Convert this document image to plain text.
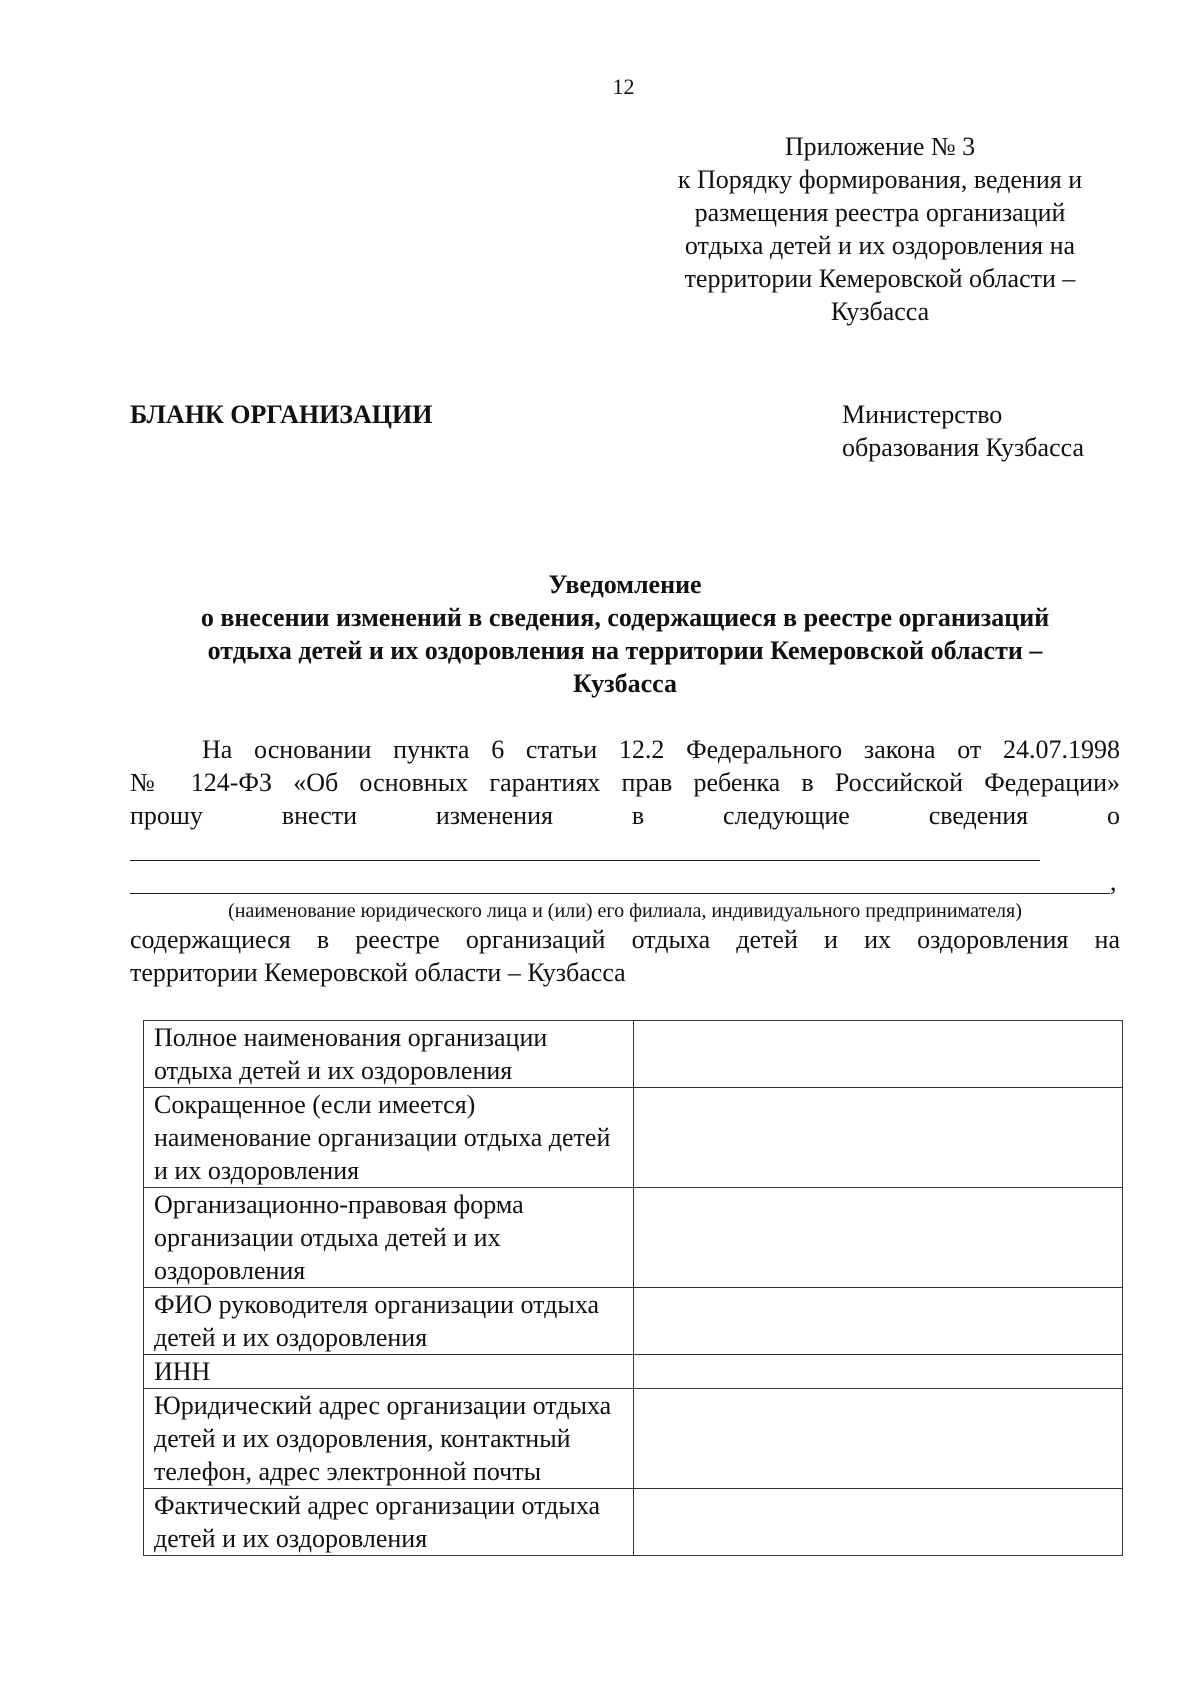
12
Приложение № 3
к Порядку формирования, ведения и
размещения реестра организаций
отдыха детей и их оздоровления на
территории Кемеровской области –
Кузбасса
БЛАНК ОРГАНИЗАЦИИ	Министерство
образования Кузбасса
Уведомление
о внесении изменений в сведения, содержащиеся в реестре организаций
отдыха детей и их оздоровления на территории Кемеровской области –
Кузбасса
На основании пункта 6 статьи 12.2 Федерального закона от 24.07.1998
№ 124-ФЗ «Об основных гарантиях прав ребенка в Российской Федерации»
прошу внести изменения в следующие сведения о
,
(наименование юридического лица и (или) его филиала, индивидуального предпринимателя)
содержащиеся в реестре организаций отдыха детей и их оздоровления на
территории Кемеровской области – Кузбасса
Полное наименования организации отдыха детей и их оздоровления	
Сокращенное (если имеется) наименование организации отдыха детей и их оздоровления	
Организационно-правовая форма организации отдыха детей и их оздоровления	
ФИО руководителя организации отдыха детей и их оздоровления	
ИНН	
Юридический адрес организации отдыха детей и их оздоровления, контактный телефон, адрес электронной почты	
Фактический адрес организации отдыха детей и их оздоровления	
